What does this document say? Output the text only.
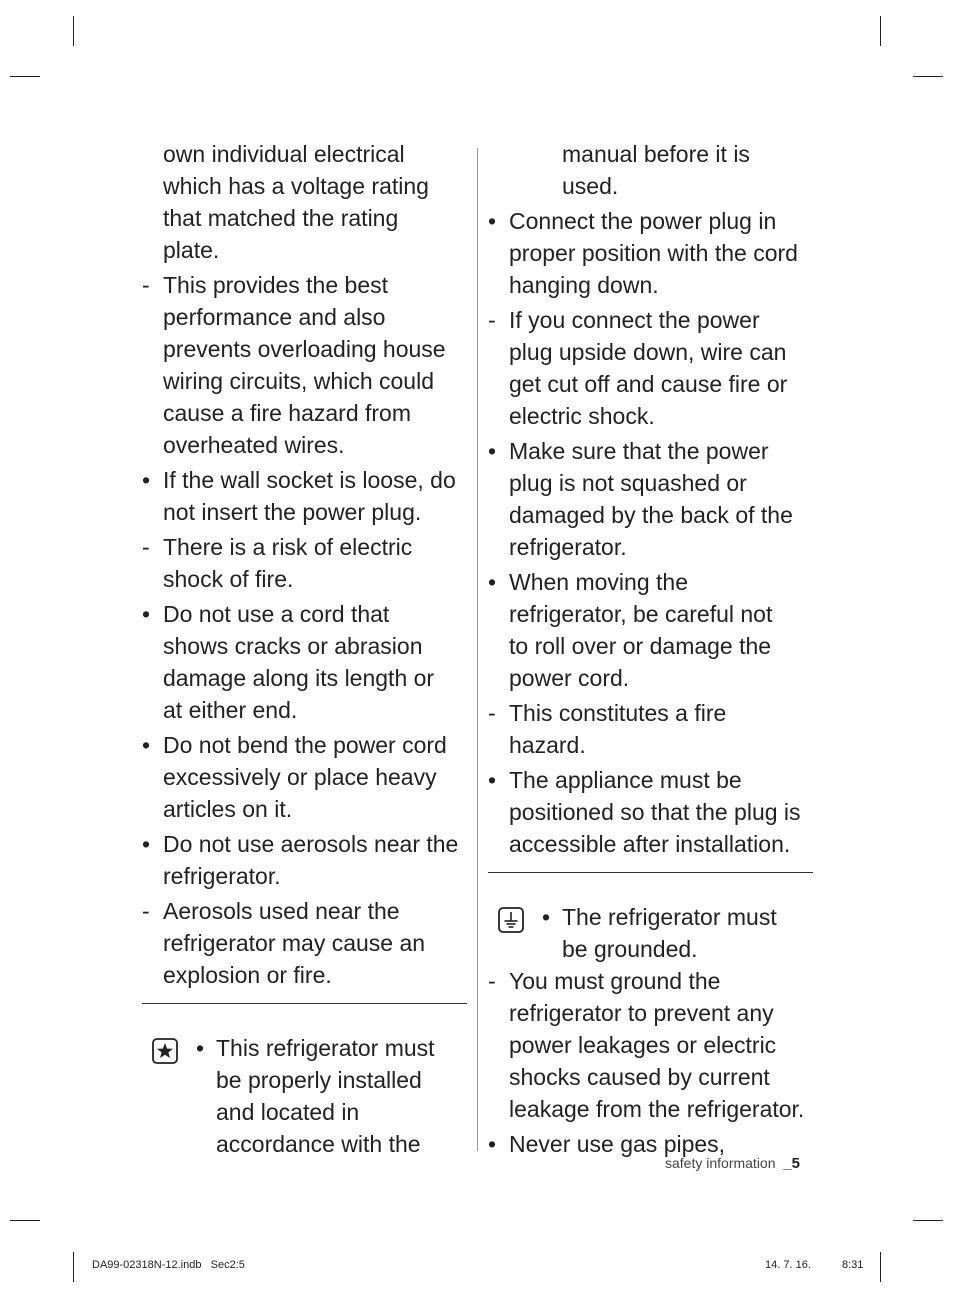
own individual electrical
which has a voltage rating
that matched the rating
plate.
- This provides the best
performance and also
prevents overloading house
wiring circuits, which could
cause a fire hazard from
overheated wires.
• If the wall socket is loose, do
not insert the power plug.
- There is a risk of electric
shock of fire.
• Do not use a cord that
shows cracks or abrasion
damage along its length or
at either end.
• Do not bend the power cord
excessively or place heavy
articles on it.
• Do not use aerosols near the
refrigerator.
- Aerosols used near the
refrigerator may cause an
explosion or fire.
• This refrigerator must
be properly installed
and located in
accordance with the
manual before it is
used.
• Connect the power plug in
proper position with the cord
hanging down.
- If you connect the power
plug upside down, wire can
get cut off and cause fire or
electric shock.
• Make sure that the power
plug is not squashed or
damaged by the back of the
refrigerator.
• When moving the
refrigerator, be careful not
to roll over or damage the
power cord.
- This constitutes a fire
hazard.
• The appliance must be
positioned so that the plug is
accessible after installation.
• The refrigerator must
be grounded.
- You must ground the
refrigerator to prevent any
power leakages or electric
shocks caused by current
leakage from the refrigerator.
• Never use gas pipes,
safety information _5
DA99-02318N-12.indb Sec2:5	14. 7. 16.	8:31
